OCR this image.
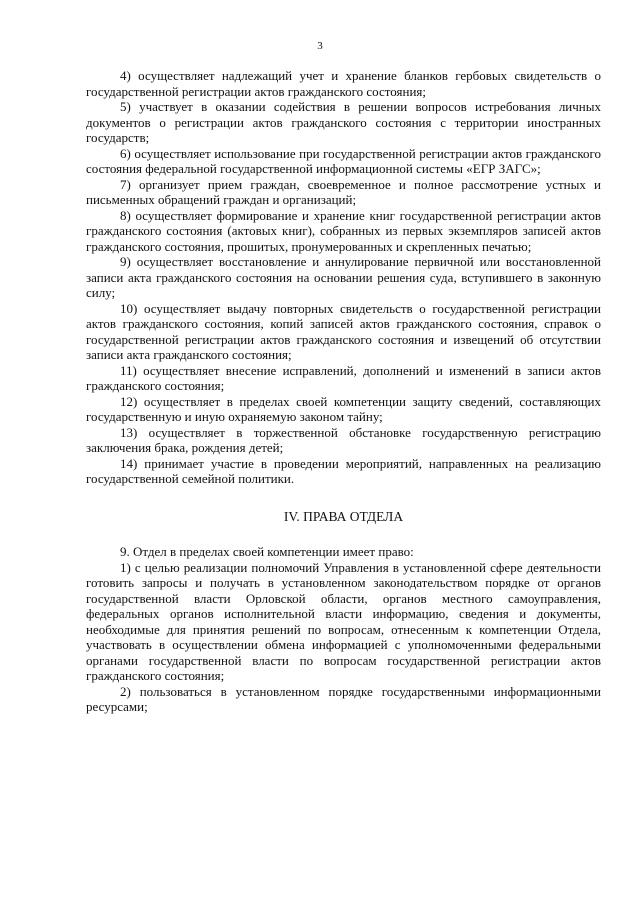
3

4) осуществляет надлежащий учет и хранение бланков гербовых свидетельств о государственной регистрации актов гражданского состояния;

5) участвует в оказании содействия в решении вопросов истребования личных документов о регистрации актов гражданского состояния с территории иностранных государств;

6) осуществляет использование при государственной регистрации актов гражданского состояния федеральной государственной информационной системы «ЕГР ЗАГС»;

7) организует прием граждан, своевременное и полное рассмотрение устных и письменных обращений граждан и организаций;

8) осуществляет формирование и хранение книг государственной регистрации актов гражданского состояния (актовых книг), собранных из первых экземпляров записей актов гражданского состояния, прошитых, пронумерованных и скрепленных печатью;

9) осуществляет восстановление и аннулирование первичной или восстановленной записи акта гражданского состояния на основании решения суда, вступившего в законную силу;

10) осуществляет выдачу повторных свидетельств о государственной регистрации актов гражданского состояния, копий записей актов гражданского состояния, справок о государственной регистрации актов гражданского состояния и извещений об отсутствии записи акта гражданского состояния;

11) осуществляет внесение исправлений, дополнений и изменений в записи актов гражданского состояния;

12) осуществляет в пределах своей компетенции защиту сведений, составляющих государственную и иную охраняемую законом тайну;

13) осуществляет в торжественной обстановке государственную регистрацию заключения брака, рождения детей;

14) принимает участие в проведении мероприятий, направленных на реализацию государственной семейной политики.

IV. ПРАВА ОТДЕЛА

9. Отдел в пределах своей компетенции имеет право:

1) с целью реализации полномочий Управления в установленной сфере деятельности готовить запросы и получать в установленном законодательством порядке от органов государственной власти Орловской области, органов местного самоуправления, федеральных органов исполнительной власти информацию, сведения и документы, необходимые для принятия решений по вопросам, отнесенным к компетенции Отдела, участвовать в осуществлении обмена информацией с уполномоченными федеральными органами государственной власти по вопросам государственной регистрации актов гражданского состояния;

2) пользоваться в установленном порядке государственными информационными ресурсами;
